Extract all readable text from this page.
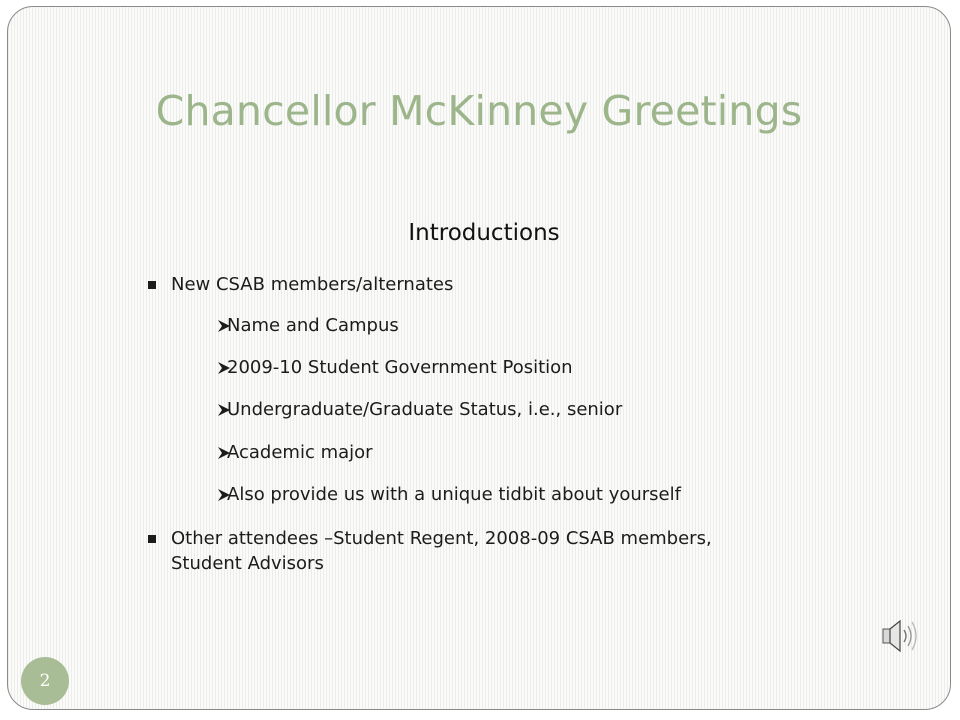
Chancellor McKinney Greetings
Introductions
New CSAB members/alternates
Name and Campus
2009-10 Student Government Position
Undergraduate/Graduate Status, i.e., senior
Academic major
Also provide us with a unique tidbit about yourself
Other attendees –Student Regent, 2008-09 CSAB members,
Student Advisors
2
